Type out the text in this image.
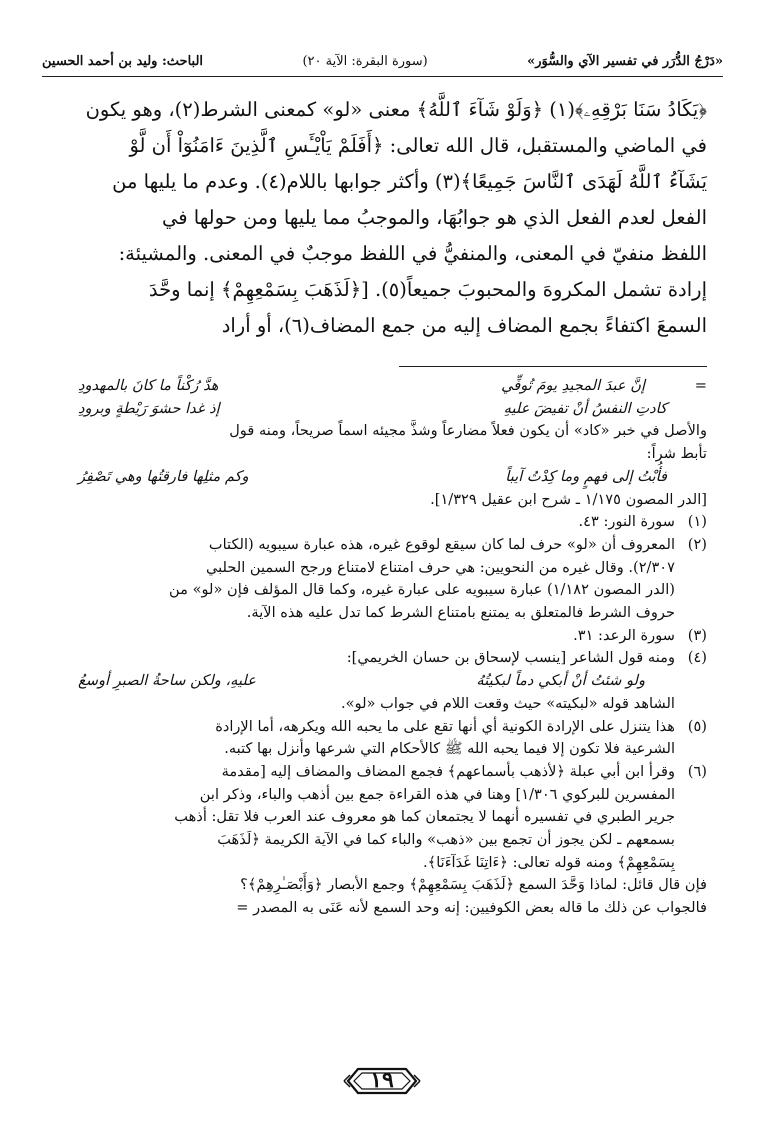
«دَرْجُ الدُّرَر في تفسير الآي والسُّوَر»
(سورة البقرة: الآية ٢٠)
الباحث: وليد بن أحمد الحسين

﴿يَكَادُ سَنَا بَرْقِهِۦ﴾(١) ﴿وَلَوْ شَآءَ ٱللَّهُ﴾ معنى «لو» كمعنى الشرط(٢)، وهو يكون

في الماضي والمستقبل، قال الله تعالى: ﴿أَفَلَمْ يَاْيْـَٔسِ ٱلَّذِينَ ءَامَنُوٓاْ أَن لَّوْ

يَشَآءُ ٱللَّهُ لَهَدَى ٱلنَّاسَ جَمِيعًا﴾(٣) وأكثر جوابها باللام(٤). وعدم ما يليها من

الفعل لعدم الفعل الذي هو جوابُهَا، والموجبُ مما يليها ومن حولها في

اللفظ منفيّ في المعنى، والمنفيُّ في اللفظ موجبٌ في المعنى. والمشيئة:

إرادة تشمل المكروهَ والمحبوبَ جميعاً(٥). [﴿لَذَهَبَ بِسَمْعِهِمْ﴾ إنما وحَّدَ

السمعَ اكتفاءً بجمع المضاف إليه من جمع المضاف(٦)، أو أراد

=
إنَّ عبدَ المجيدِ يومَ تُوفِّي
هدَّ رُكْناً ما كانَ بالمهدودِ
كادتِ النفسُ أنْ تفيضَ عليهِ
إذ غدا حشوَ رَيْطةٍ وبرودِ
والأصل في خبر «كاد» أن يكون فعلاً مضارعاً وشذَّ مجيئه اسماً صريحاً، ومنه قول
تأبط شراً:
فأُبْتُ إلى فهمٍ وما كِدْتُ آيباً
وكم مثلِها فارقتُها وهي تَصْفِرُ
[الدر المصون ١/١٧٥ ـ شرح ابن عقيل ١/٣٢٩].
(١)
سورة النور: ٤٣.
(٢)
المعروف أن «لو» حرف لما كان سيقع لوقوع غيره، هذه عبارة سيبويه (الكتاب
٢/٣٠٧). وقال غيره من النحويين: هي حرف امتناع لامتناع ورجح السمين الحلبي
(الدر المصون ١/١٨٢) عبارة سيبويه على عبارة غيره، وكما قال المؤلف فإن «لو» من
حروف الشرط فالمتعلق به يمتنع بامتناع الشرط كما تدل عليه هذه الآية.
(٣)
سورة الرعد: ٣١.
(٤)
ومنه قول الشاعر [ينسب لإسحاق بن حسان الخريمي]:
ولو شئتُ أنْ أبكي دماً لبكيتُهُ
عليهِ، ولكن ساحةُ الصبرِ أوسعُ
الشاهد قوله «لبكيته» حيث وقعت اللام في جواب «لو».
(٥)
هذا يتنزل على الإرادة الكونية أي أنها تقع على ما يحبه الله ويكرهه، أما الإرادة
الشرعية فلا تكون إلا فيما يحبه الله ﷺ كالأحكام التي شرعها وأنزل بها كتبه.
(٦)
وقرأ ابن أبي عبلة ﴿لأذهب بأسماعهم﴾ فجمع المضاف والمضاف إليه [مقدمة
المفسرين للبركوي ١/٣٠٦] وهنا في هذه القراءة جمع بين أذهب والباء، وذكر ابن
جرير الطبري في تفسيره أنهما لا يجتمعان كما هو معروف عند العرب فلا تقل: أذهب
بسمعهم ـ لكن يجوز أن تجمع بين «ذهب» والباء كما في الآية الكريمة ﴿لَذَهَبَ
بِسَمْعِهِمْ﴾ ومنه قوله تعالى: ﴿ءَاتِنَا غَدَآءَنَا﴾.
فإن قال قائل: لماذا وَحَّدَ السمع ﴿لَذَهَبَ بِسَمْعِهِمْ﴾ وجمع الأبصار ﴿وَأَبْصَـٰرِهِمْ﴾؟
فالجواب عن ذلك ما قاله بعض الكوفيين: إنه وحد السمع لأنه عَنَى به المصدر =
١٩
